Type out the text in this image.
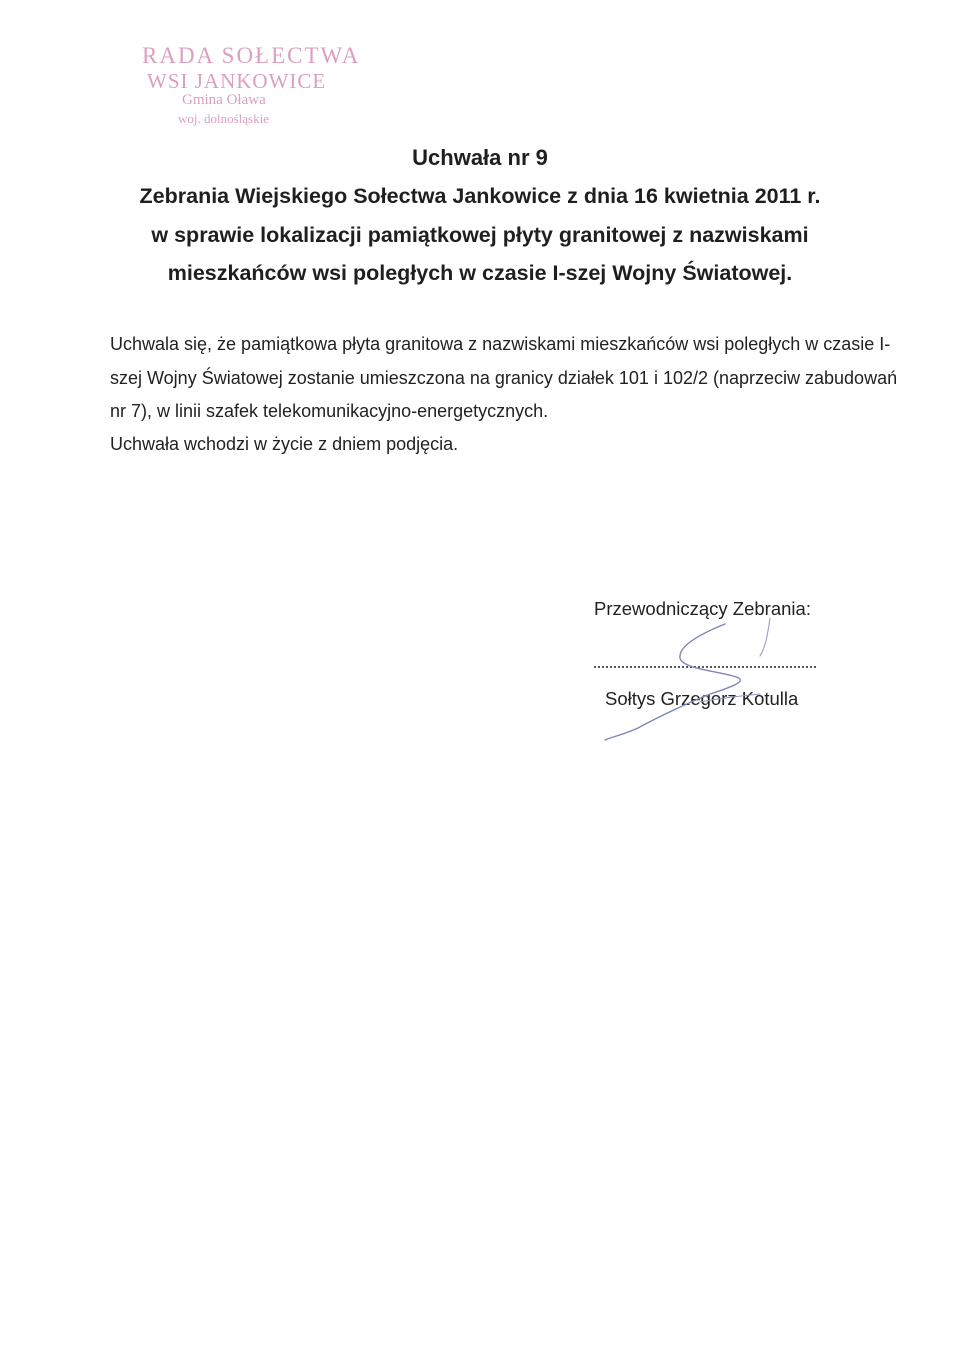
RADA SOŁECTWA
WSI JANKOWICE
Gmina Oława
woj. dolnośląskie
Uchwała nr 9
Zebrania Wiejskiego Sołectwa Jankowice z dnia 16 kwietnia 2011 r.
w sprawie lokalizacji pamiątkowej płyty granitowej z nazwiskami
mieszkańców wsi poległych w czasie I-szej Wojny Światowej.

Uchwala się, że pamiątkowa płyta granitowa z nazwiskami mieszkańców wsi poległych w czasie I-szej Wojny Światowej zostanie umieszczona na granicy działek 101 i 102/2 (naprzeciw zabudowań nr 7), w linii szafek telekomunikacyjno-energetycznych.

Uchwała wchodzi w życie z dniem podjęcia.

Przewodniczący Zebrania:
Sołtys Grzegorz Kotulla
